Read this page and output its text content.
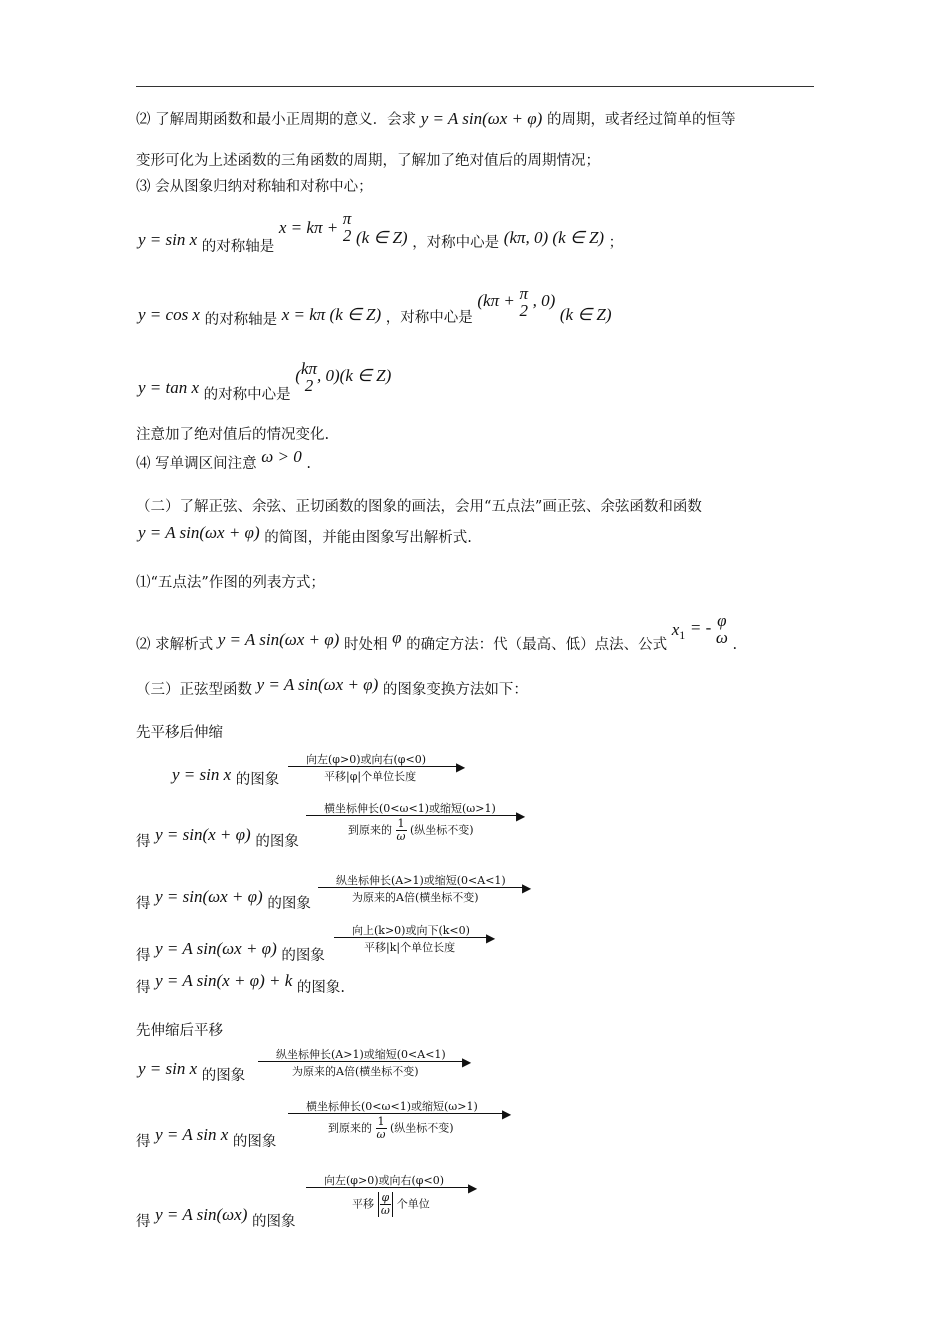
⑵ 了解周期函数和最小正周期的意义．会求 y = A sin(ωx + φ) 的周期，或者经过简单的恒等
变形可化为上述函数的三角函数的周期，了解加了绝对值后的周期情况；
⑶ 会从图象归纳对称轴和对称中心；
y = sin x 的对称轴是 x = kπ + π
2 (k ∈ Z) ，对称中心是 (kπ, 0) (k ∈ Z) ；
y = cos x 的对称轴是 x = kπ (k ∈ Z) ，对称中心是 (kπ + π
2
, 0) (k ∈ Z)
y = tan x 的对称中心是 ( kπ
2
, 0)(k ∈ Z)
注意加了绝对值后的情况变化.
⑷ 写单调区间注意 ω > 0 .
（二）了解正弦、余弦、正切函数的图象的画法，会用“五点法”画正弦、余弦函数和函数
y = A sin(ωx + φ) 的简图，并能由图象写出解析式.
⑴“五点法”作图的列表方式；
⑵ 求解析式 y = A sin(ωx + φ) 时处相 φ 的确定方法：代（最高、低）点法、公式 $x_1$ = - φ
ω .
（三）正弦型函数 y = A sin(ωx + φ) 的图象变换方法如下：
先平移后伸缩
y = sin x 的图象
向左(φ>0)或向右(φ<0)
▶
平移|φ|个单位长度
得 y = sin(x + φ) 的图象
横坐标伸长(0<ω<1)或缩短(ω>1)
▶
到原来的 $\frac{1}{\omega}$ (纵坐标不变)
得 y = sin(ωx + φ) 的图象
纵坐标伸长(A>1)或缩短(0<A<1)
▶
为原来的A倍(横坐标不变)
得 y = A sin(ωx + φ) 的图象
向上(k>0)或向下(k<0)
▶
平移|k|个单位长度
得 y = A sin(x + φ) + k 的图象.
先伸缩后平移
y = sin x 的图象
纵坐标伸长(A>1)或缩短(0<A<1)
▶
为原来的A倍(横坐标不变)
得 y = A sin x 的图象
横坐标伸长(0<ω<1)或缩短(ω>1)
▶
到原来的 $\frac{1}{\omega}$ (纵坐标不变)
得 y = A sin(ωx) 的图象
向左(φ>0)或向右(φ<0)
▶
平移 $\frac{\varphi}{\omega}$ 个单位
